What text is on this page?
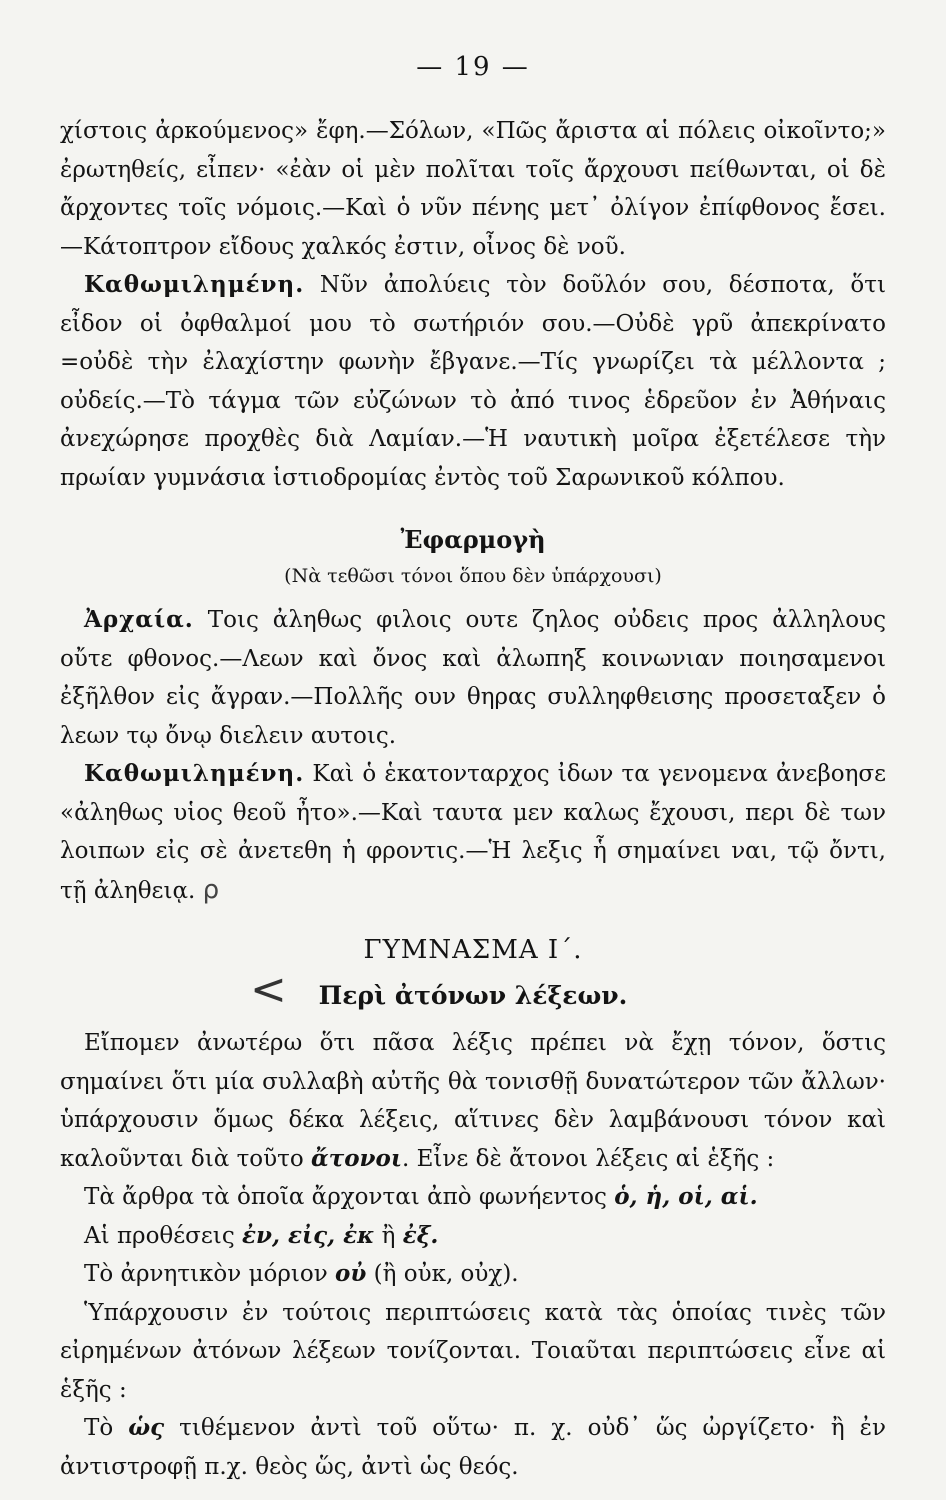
— 19 —

χίστοις ἀρκούμενος» ἔφη.—Σόλων, «Πῶς ἄριστα αἱ πόλεις οἰκοῖντο;» ἐρωτηθείς, εἶπεν· «ἐὰν οἱ μὲν πολῖται τοῖς ἄρχουσι πείθωνται, οἱ δὲ ἄρχοντες τοῖς νόμοις.—Καὶ ὁ νῦν πένης μετ᾽ ὀλίγον ἐπίφθονος ἔσει.—Κάτοπτρον εἴδους χαλκός ἐστιν, οἶνος δὲ νοῦ.

Καθωμιλημένη. Νῦν ἀπολύεις τὸν δοῦλόν σου, δέσποτα, ὅτι εἶδον οἱ ὀφθαλμοί μου τὸ σωτήριόν σου.—Οὐδὲ γρῦ ἀπεκρίνατο =οὐδὲ τὴν ἐλαχίστην φωνὴν ἔβγανε.—Τίς γνωρίζει τὰ μέλλοντα ; οὐδείς.—Τὸ τάγμα τῶν εὐζώνων τὸ ἀπό τινος ἑδρεῦον ἐν Ἀθήναις ἀνεχώρησε προχθὲς διὰ Λαμίαν.—Ἡ ναυτικὴ μοῖρα ἐξετέλεσε τὴν πρωίαν γυμνάσια ἱστιοδρομίας ἐντὸς τοῦ Σαρωνικοῦ κόλπου.

Ἐφαρμογὴ
(Νὰ τεθῶσι τόνοι ὅπου δὲν ὑπάρχουσι)

Ἀρχαία. Τοις ἀληθως φιλοις ουτε ζηλος οὐδεις προς ἀλληλους οὔτε φθονος.—Λεων καὶ ὄνος καὶ ἀλωπηξ κοινωνιαν ποιησαμενοι ἐξῆλθον εἰς ἄγραν.—Πολλῆς ουν θηρας συλληφθεισης προσεταξεν ὁ λεων τῳ ὄνῳ διελειν αυτοις.

Καθωμιλημένη. Καὶ ὁ ἑκατονταρχος ἰδων τα γενομενα ἀνεβοησε «ἀληθως υἱος θεοῦ ἦτο».—Καὶ ταυτα μεν καλως ἔχουσι, περι δὲ των λοιπων εἰς σὲ ἀνετεθη ἡ φροντις.—Ἡ λεξις ἧ σημαίνει ναι, τῷ ὄντι, τῇ ἀληθειᾳ. ρ

ΓΥΜΝΑΣΜΑ Ι΄.
< Περὶ ἀτόνων λέξεων.

Εἴπομεν ἀνωτέρω ὅτι πᾶσα λέξις πρέπει νὰ ἔχῃ τόνον, ὅστις σημαίνει ὅτι μία συλλαβὴ αὐτῆς θὰ τονισθῇ δυνατώτερον τῶν ἄλλων· ὑπάρχουσιν ὅμως δέκα λέξεις, αἵτινες δὲν λαμβάνουσι τόνον καὶ καλοῦνται διὰ τοῦτο ἄτονοι. Εἶνε δὲ ἄτονοι λέξεις αἱ ἑξῆς :

Τὰ ἄρθρα τὰ ὁποῖα ἄρχονται ἀπὸ φωνήεντος ὁ, ἡ, οἱ, αἱ.

Αἱ προθέσεις ἐν, εἰς, ἐκ ἢ ἐξ.

Τὸ ἀρνητικὸν μόριον οὐ (ἢ οὐκ, οὐχ).

Ὑπάρχουσιν ἐν τούτοις περιπτώσεις κατὰ τὰς ὁποίας τινὲς τῶν εἰρημένων ἀτόνων λέξεων τονίζονται. Τοιαῦται περιπτώσεις εἶνε αἱ ἑξῆς :

Τὸ ὡς τιθέμενον ἀντὶ τοῦ οὕτω· π. χ. οὐδ᾽ ὥς ὠργίζετο· ἢ ἐν ἀντιστροφῇ π.χ. θεὸς ὥς, ἀντὶ ὡς θεός.
